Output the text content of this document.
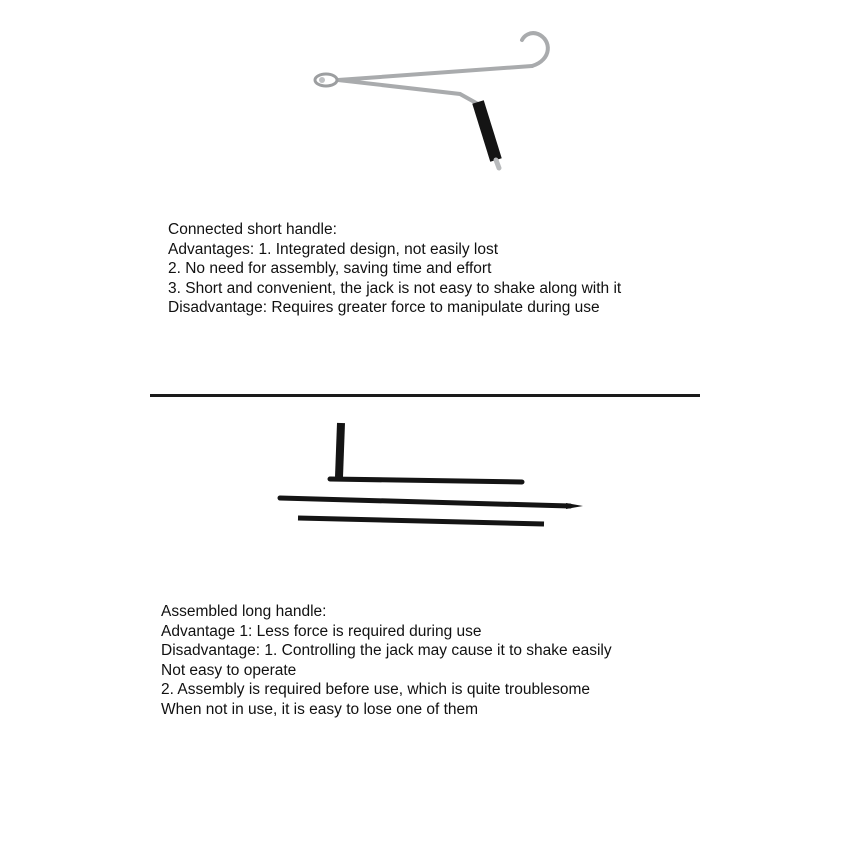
Connected short handle:
Advantages: 1. Integrated design, not easily lost
2. No need for assembly, saving time and effort
3. Short and convenient, the jack is not easy to shake along with it
Disadvantage: Requires greater force to manipulate during use
Assembled long handle:
Advantage 1: Less force is required during use
Disadvantage: 1. Controlling the jack may cause it to shake easily
Not easy to operate
2. Assembly is required before use, which is quite troublesome
When not in use, it is easy to lose one of them
